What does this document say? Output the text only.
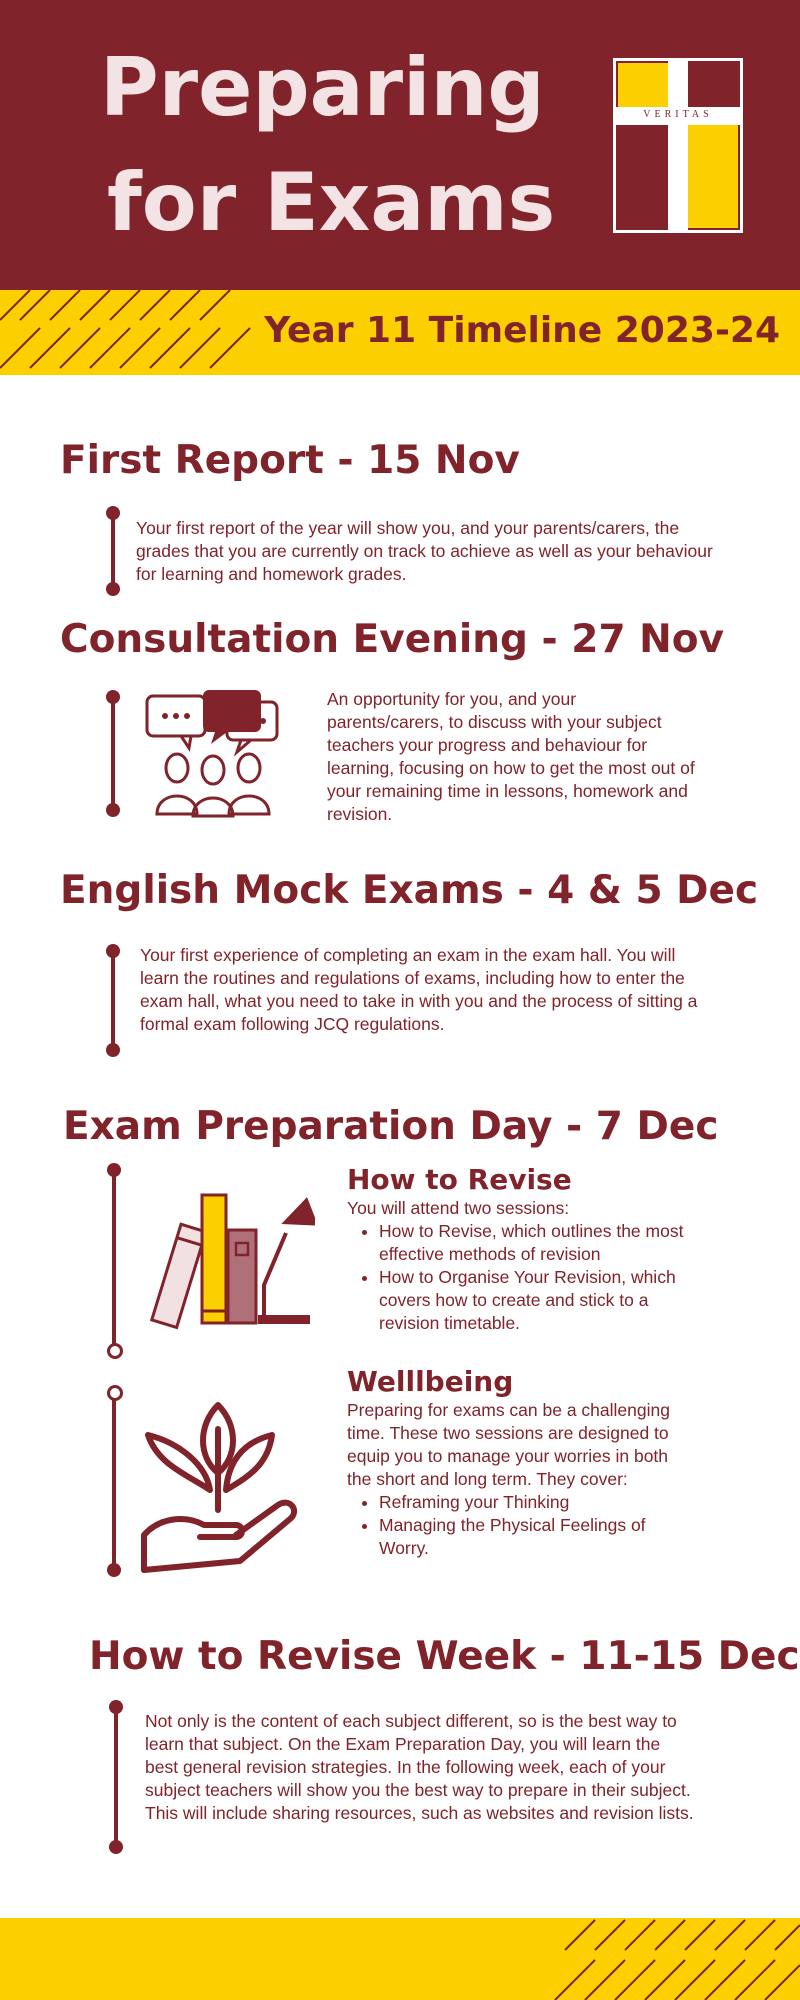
Preparing
for Exams
VERITAS
Year 11 Timeline 2023-24
First Report - 15 Nov
Your first report of the year will show you, and your parents/carers, the grades that you are currently on track to achieve as well as your behaviour for learning and homework grades.
Consultation Evening - 27 Nov
An opportunity for you, and your parents/carers, to discuss with your subject teachers your progress and behaviour for learning, focusing on how to get the most out of your remaining time in lessons, homework and revision.
English Mock Exams - 4 & 5 Dec
Your first experience of completing an exam in the exam hall. You will learn the routines and regulations of exams, including how to enter the exam hall, what you need to take in with you and the process of sitting a formal exam following JCQ regulations.
Exam Preparation Day - 7 Dec
How to Revise
You will attend two sessions:
• How to Revise, which outlines the most effective methods of revision
• How to Organise Your Revision, which covers how to create and stick to a revision timetable.
Welllbeing
Preparing for exams can be a challenging time. These two sessions are designed to equip you to manage your worries in both the short and long term. They cover:
• Reframing your Thinking
• Managing the Physical Feelings of Worry.
How to Revise Week - 11-15 Dec
Not only is the content of each subject different, so is the best way to learn that subject. On the Exam Preparation Day, you will learn the best general revision strategies. In the following week, each of your subject teachers will show you the best way to prepare in their subject. This will include sharing resources, such as websites and revision lists.
